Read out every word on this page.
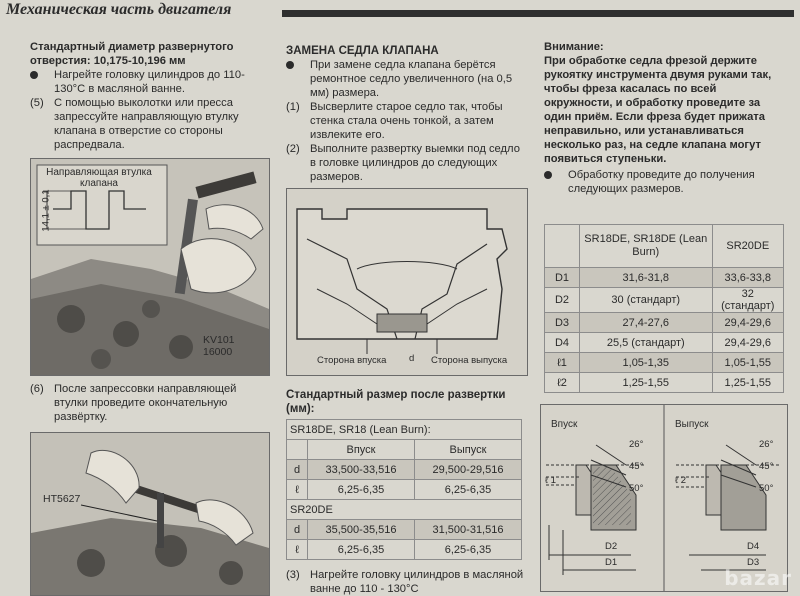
Механическая часть двигателя

Стандартный диаметр развернутого отверстия: 10,175-10,196 мм

Нагрейте головку цилиндров до 110-130°С в масляной ванне.
(5) С помощью выколотки или пресса запрессуйте направляющую втулку клапана в отверстие со стороны распредвала.
Направляющая втулка клапана
14,1 ± 0,1
KV101
16000
(6) После запрессовки направляющей втулки проведите окончательную развёртку.
HT5627

ЗАМЕНА СЕДЛА КЛАПАНА

При замене седла клапана берётся ремонтное седло увеличенного (на 0,5 мм) размера.
(1) Высверлите старое седло так, чтобы стенка стала очень тонкой, а затем извлеките его.
(2) Выполните развертку выемки под седло в головке цилиндров до следующих размеров.
Сторона впуска d Сторона выпуска

Стандартный размер после развертки (мм):

SR18DE, SR18 (Lean Burn):		
	Впуск	Выпуск
d	33,500-33,516	29,500-29,516
ℓ	6,25-6,35	6,25-6,35
SR20DE		
d	35,500-35,516	31,500-31,516
ℓ	6,25-6,35	6,25-6,35
(3) Нагрейте головку цилиндров в масляной ванне до 110 - 130°С

Внимание:

При обработке седла фрезой держите рукоятку инструмента двумя руками так, чтобы фреза касалась по всей окружности, и обработку проведите за один приём. Если фреза будет прижата неправильно, или устанавливаться несколько раз, на седле клапана могут появиться ступеньки.

Обработку проведите до получения следующих размеров.
	SR18DE, SR18DE (Lean Burn)	SR20DE
D1	31,6-31,8	33,6-33,8
D2	30 (стандарт)	32 (стандарт)
D3	27,4-27,6	29,4-29,6
D4	25,5 (стандарт)	29,4-29,6
ℓ1	1,05-1,35	1,05-1,55
ℓ2	1,25-1,55	1,25-1,55
Впуск	Выпуск
26°
45°
50°
26°
45°
50°
ℓ 1	ℓ 2
D2
D1
D4
D3
bazar
